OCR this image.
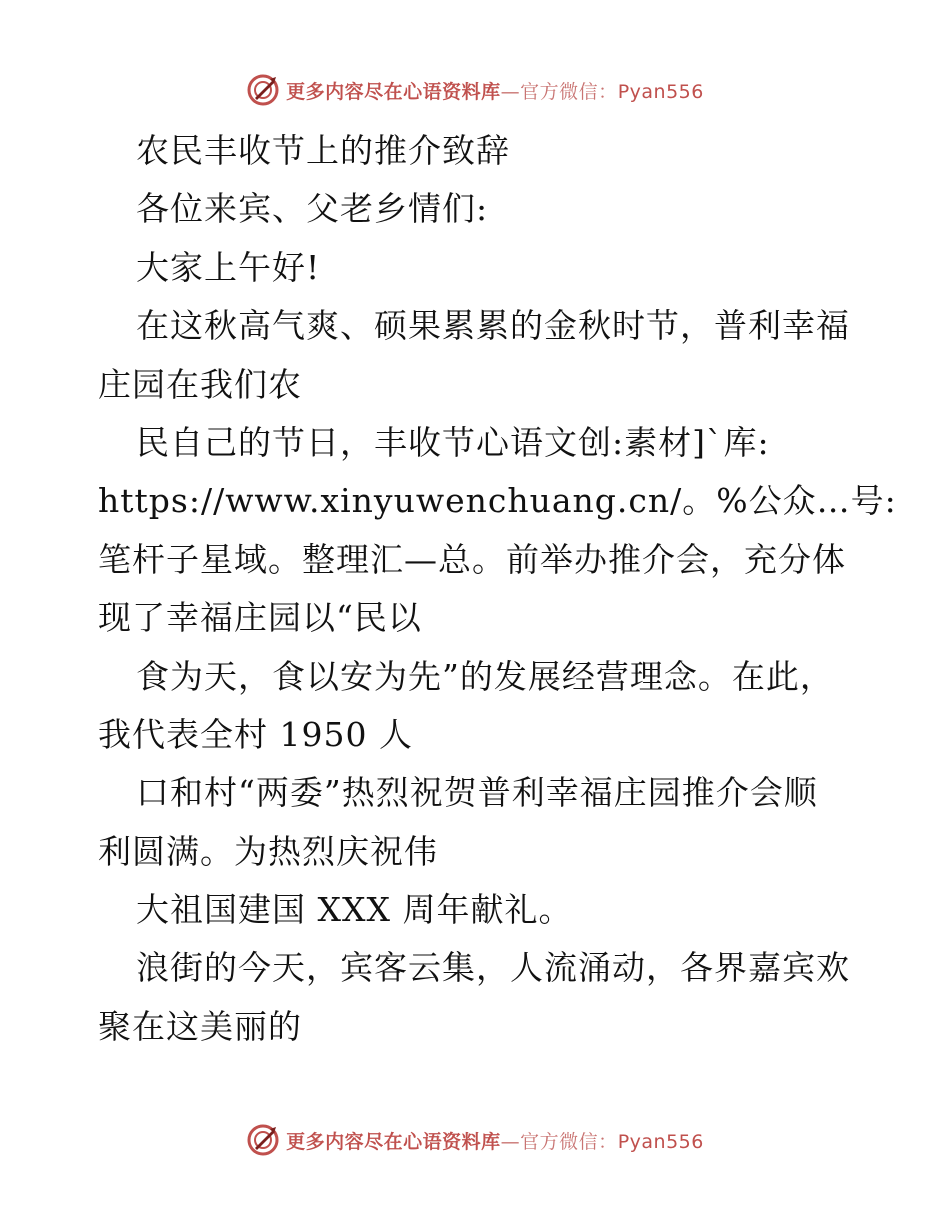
更多内容尽在心语资料库—官方微信：Pyan556
农民丰收节上的推介致辞
各位来宾、父老乡情们:
大家上午好!
在这秋高气爽、硕果累累的金秋时节，普利幸福
庄园在我们农
民自己的节日，丰收节心语文创:素材]`库:
https://www.xinyuwenchuang.cn/。%公众…号:
笔杆子星域。整理汇—总。前举办推介会，充分体
现了幸福庄园以“民以
食为天，食以安为先”的发展经营理念。在此，
我代表全村 1950 人
口和村“两委”热烈祝贺普利幸福庄园推介会顺
利圆满。为热烈庆祝伟
大祖国建国 XXX 周年献礼。
浪街的今天，宾客云集，人流涌动，各界嘉宾欢
聚在这美丽的
更多内容尽在心语资料库—官方微信：Pyan556
